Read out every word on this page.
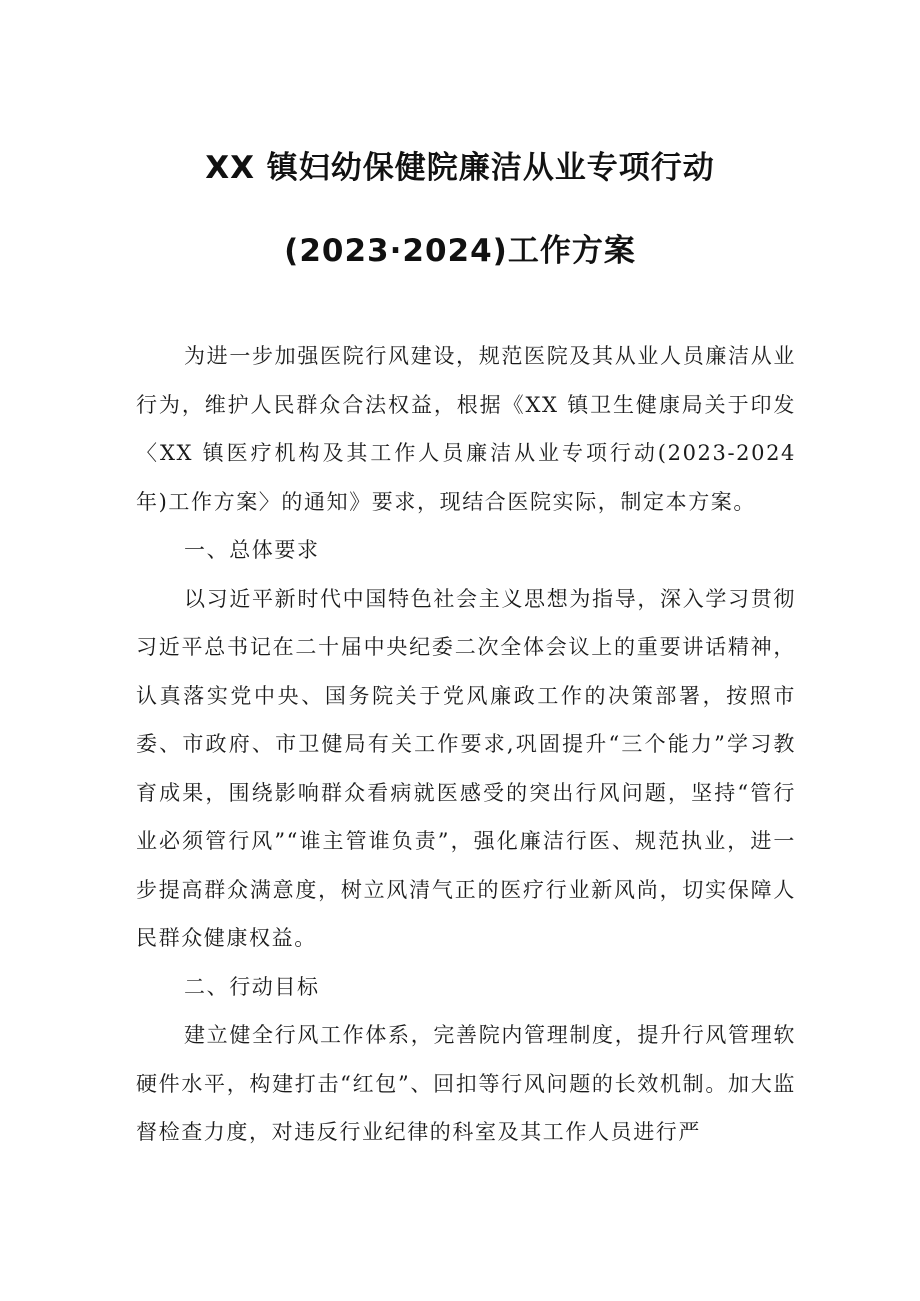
XX 镇妇幼保健院廉洁从业专项行动
(2023·2024)工作方案

为进一步加强医院行风建设，规范医院及其从业人员廉洁从业行为，维护人民群众合法权益，根据《XX 镇卫生健康局关于印发〈XX 镇医疗机构及其工作人员廉洁从业专项行动(2023-2024年)工作方案〉的通知》要求，现结合医院实际，制定本方案。

一、总体要求

以习近平新时代中国特色社会主义思想为指导，深入学习贯彻习近平总书记在二十届中央纪委二次全体会议上的重要讲话精神，认真落实党中央、国务院关于党风廉政工作的决策部署，按照市委、市政府、市卫健局有关工作要求,巩固提升“三个能力”学习教育成果，围绕影响群众看病就医感受的突出行风问题，坚持“管行业必须管行风”“谁主管谁负责”，强化廉洁行医、规范执业，进一步提高群众满意度，树立风清气正的医疗行业新风尚，切实保障人民群众健康权益。

二、行动目标

建立健全行风工作体系，完善院内管理制度，提升行风管理软硬件水平，构建打击“红包”、回扣等行风问题的长效机制。加大监督检查力度，对违反行业纪律的科室及其工作人员进行严
